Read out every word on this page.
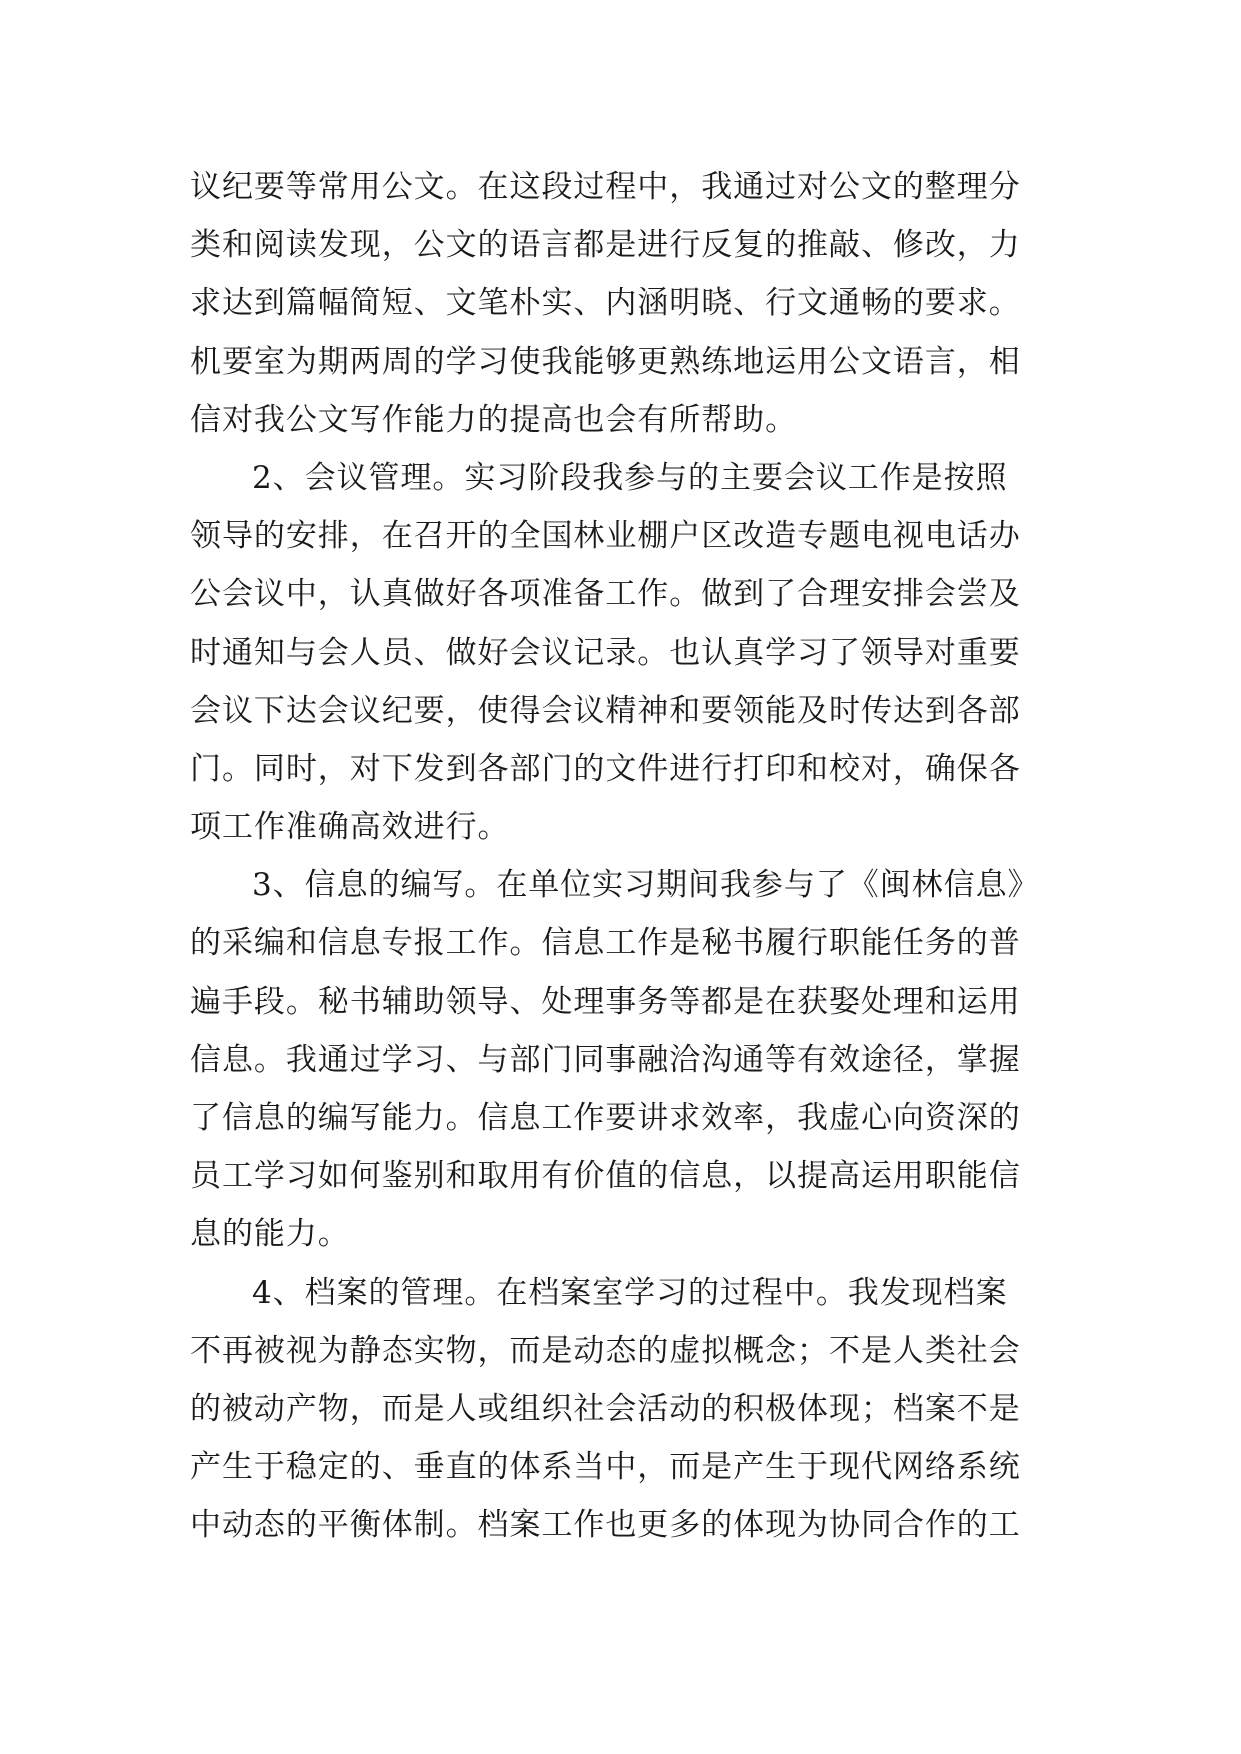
议纪要等常用公文。在这段过程中，我通过对公文的整理分
类和阅读发现，公文的语言都是进行反复的推敲、修改，力
求达到篇幅简短、文笔朴实、内涵明晓、行文通畅的要求。
机要室为期两周的学习使我能够更熟练地运用公文语言，相
信对我公文写作能力的提高也会有所帮助。
2、会议管理。实习阶段我参与的主要会议工作是按照
领导的安排，在召开的全国林业棚户区改造专题电视电话办
公会议中，认真做好各项准备工作。做到了合理安排会尝及
时通知与会人员、做好会议记录。也认真学习了领导对重要
会议下达会议纪要，使得会议精神和要领能及时传达到各部
门。同时，对下发到各部门的文件进行打印和校对，确保各
项工作准确高效进行。
3、信息的编写。在单位实习期间我参与了《闽林信息》
的采编和信息专报工作。信息工作是秘书履行职能任务的普
遍手段。秘书辅助领导、处理事务等都是在获娶处理和运用
信息。我通过学习、与部门同事融洽沟通等有效途径，掌握
了信息的编写能力。信息工作要讲求效率，我虚心向资深的
员工学习如何鉴别和取用有价值的信息，以提高运用职能信
息的能力。
4、档案的管理。在档案室学习的过程中。我发现档案
不再被视为静态实物，而是动态的虚拟概念；不是人类社会
的被动产物，而是人或组织社会活动的积极体现；档案不是
产生于稳定的、垂直的体系当中，而是产生于现代网络系统
中动态的平衡体制。档案工作也更多的体现为协同合作的工
